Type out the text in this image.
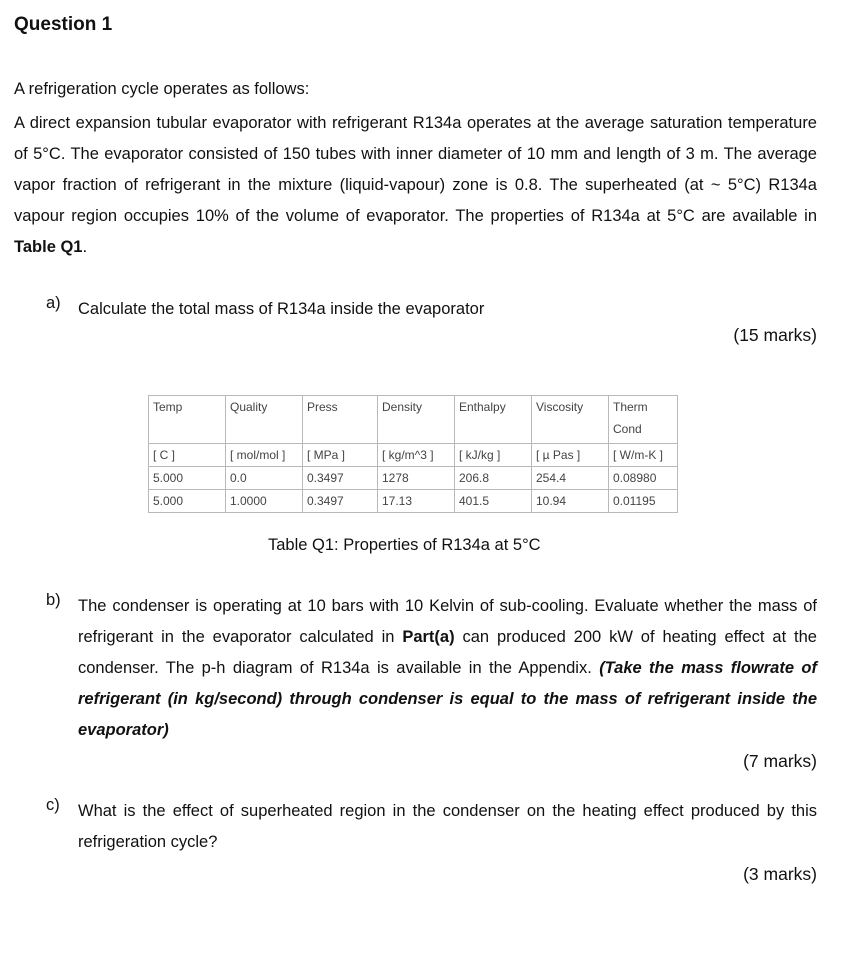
Question 1
A refrigeration cycle operates as follows:
A direct expansion tubular evaporator with refrigerant R134a operates at the average saturation temperature of 5°C. The evaporator consisted of 150 tubes with inner diameter of 10 mm and length of 3 m. The average vapor fraction of refrigerant in the mixture (liquid-vapour) zone is 0.8. The superheated (at ~ 5°C) R134a vapour region occupies 10% of the volume of evaporator. The properties of R134a at 5°C are available in Table Q1.
a) Calculate the total mass of R134a inside the evaporator
(15 marks)
Temp	Quality	Press	Density	Enthalpy	Viscosity	Therm Cond
[ C ]	[ mol/mol ]	[ MPa ]	[ kg/m^3 ]	[ kJ/kg ]	[ µ Pas ]	[ W/m-K ]
5.000	0.0	0.3497	1278	206.8	254.4	0.08980
5.000	1.0000	0.3497	17.13	401.5	10.94	0.01195
Table Q1: Properties of R134a at 5°C
b) The condenser is operating at 10 bars with 10 Kelvin of sub-cooling. Evaluate whether the mass of refrigerant in the evaporator calculated in Part(a) can produced 200 kW of heating effect at the condenser. The p-h diagram of R134a is available in the Appendix. (Take the mass flowrate of refrigerant (in kg/second) through condenser is equal to the mass of refrigerant inside the evaporator)
(7 marks)
c) What is the effect of superheated region in the condenser on the heating effect produced by this refrigeration cycle?
(3 marks)
